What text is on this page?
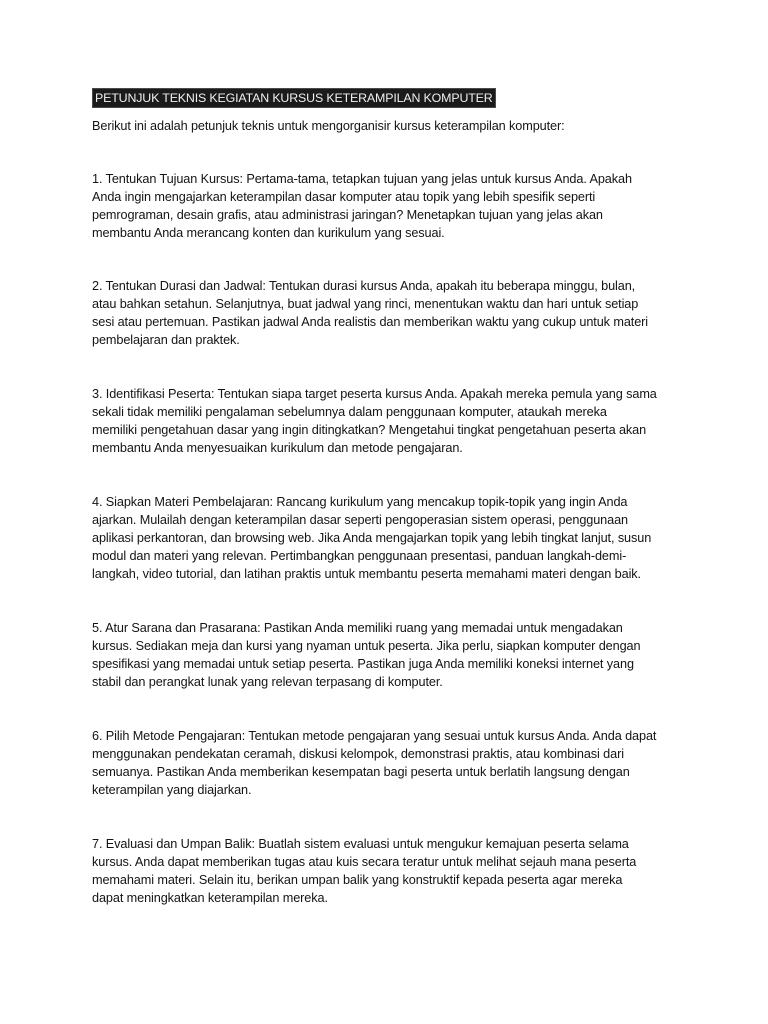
PETUNJUK TEKNIS KEGIATAN KURSUS KETERAMPILAN KOMPUTER
Berikut ini adalah petunjuk teknis untuk mengorganisir kursus keterampilan komputer:
1. Tentukan Tujuan Kursus: Pertama-tama, tetapkan tujuan yang jelas untuk kursus Anda. Apakah
Anda ingin mengajarkan keterampilan dasar komputer atau topik yang lebih spesifik seperti
pemrograman, desain grafis, atau administrasi jaringan? Menetapkan tujuan yang jelas akan
membantu Anda merancang konten dan kurikulum yang sesuai.
2. Tentukan Durasi dan Jadwal: Tentukan durasi kursus Anda, apakah itu beberapa minggu, bulan,
atau bahkan setahun. Selanjutnya, buat jadwal yang rinci, menentukan waktu dan hari untuk setiap
sesi atau pertemuan. Pastikan jadwal Anda realistis dan memberikan waktu yang cukup untuk materi
pembelajaran dan praktek.
3. Identifikasi Peserta: Tentukan siapa target peserta kursus Anda. Apakah mereka pemula yang sama
sekali tidak memiliki pengalaman sebelumnya dalam penggunaan komputer, ataukah mereka
memiliki pengetahuan dasar yang ingin ditingkatkan? Mengetahui tingkat pengetahuan peserta akan
membantu Anda menyesuaikan kurikulum dan metode pengajaran.
4. Siapkan Materi Pembelajaran: Rancang kurikulum yang mencakup topik-topik yang ingin Anda
ajarkan. Mulailah dengan keterampilan dasar seperti pengoperasian sistem operasi, penggunaan
aplikasi perkantoran, dan browsing web. Jika Anda mengajarkan topik yang lebih tingkat lanjut, susun
modul dan materi yang relevan. Pertimbangkan penggunaan presentasi, panduan langkah-demi-
langkah, video tutorial, dan latihan praktis untuk membantu peserta memahami materi dengan baik.
5. Atur Sarana dan Prasarana: Pastikan Anda memiliki ruang yang memadai untuk mengadakan
kursus. Sediakan meja dan kursi yang nyaman untuk peserta. Jika perlu, siapkan komputer dengan
spesifikasi yang memadai untuk setiap peserta. Pastikan juga Anda memiliki koneksi internet yang
stabil dan perangkat lunak yang relevan terpasang di komputer.
6. Pilih Metode Pengajaran: Tentukan metode pengajaran yang sesuai untuk kursus Anda. Anda dapat
menggunakan pendekatan ceramah, diskusi kelompok, demonstrasi praktis, atau kombinasi dari
semuanya. Pastikan Anda memberikan kesempatan bagi peserta untuk berlatih langsung dengan
keterampilan yang diajarkan.
7. Evaluasi dan Umpan Balik: Buatlah sistem evaluasi untuk mengukur kemajuan peserta selama
kursus. Anda dapat memberikan tugas atau kuis secara teratur untuk melihat sejauh mana peserta
memahami materi. Selain itu, berikan umpan balik yang konstruktif kepada peserta agar mereka
dapat meningkatkan keterampilan mereka.
